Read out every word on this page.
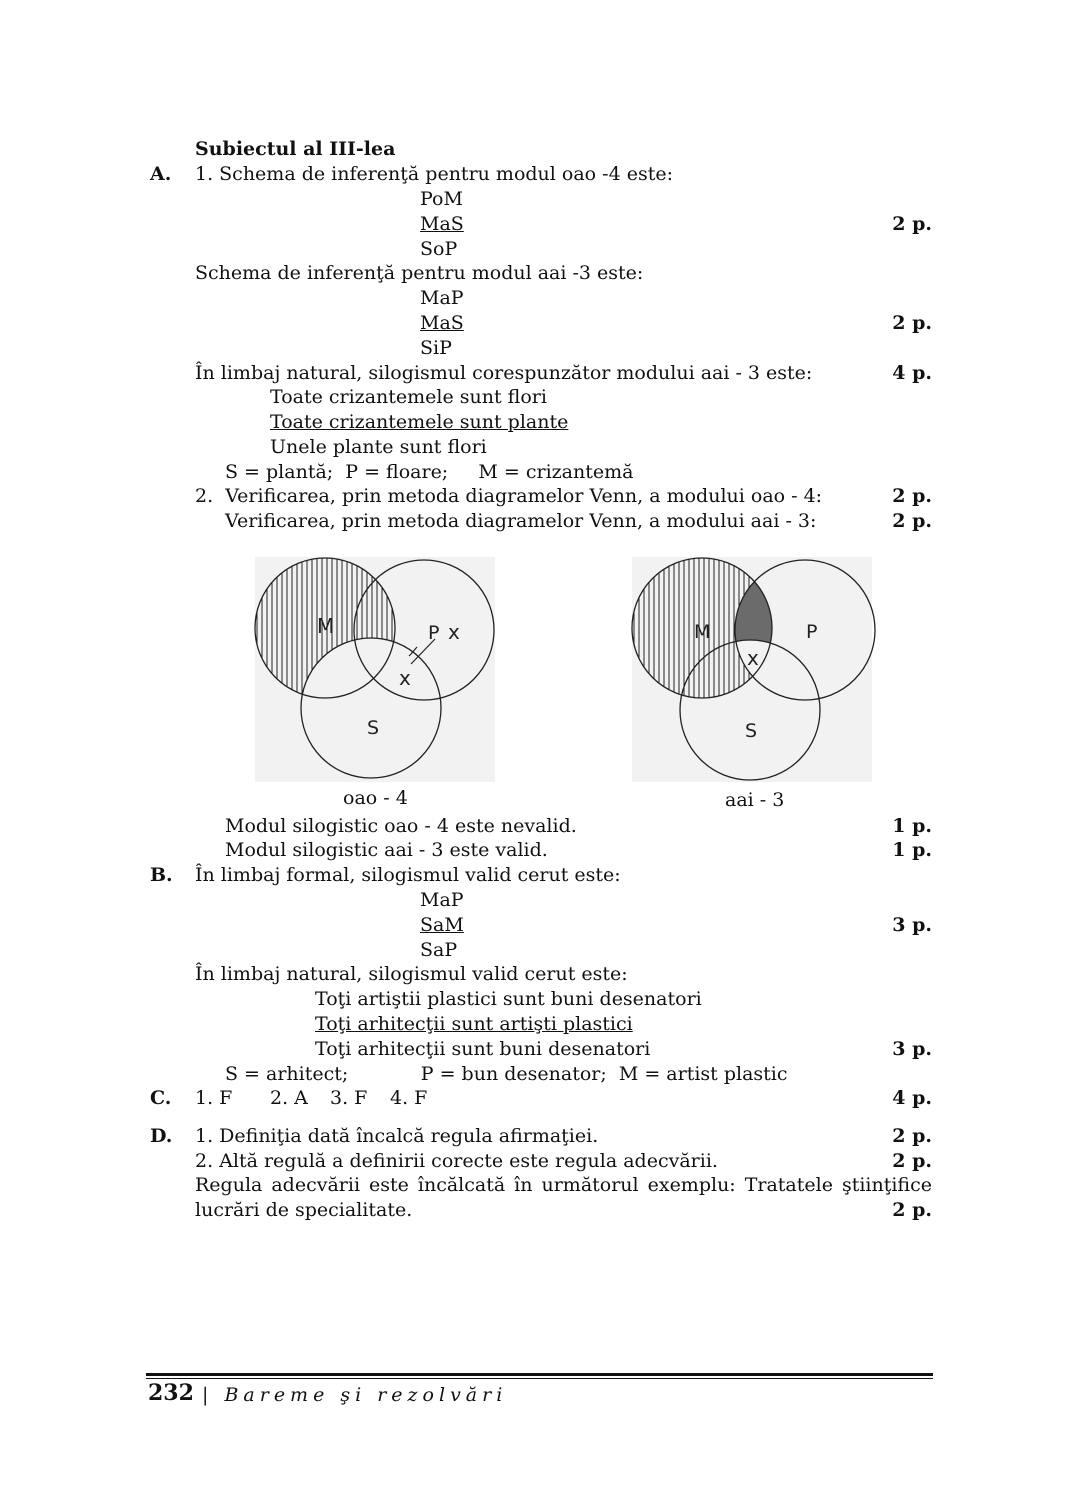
Subiectul al III-lea
A. 1. Schema de inferenţă pentru modul oao -4 este:
PoM
MaS	2 p.
SoP
Schema de inferenţă pentru modul aai -3 este:
MaP
MaS	2 p.
SiP
În limbaj natural, silogismul corespunzător modului aai - 3 este:	4 p.
Toate crizantemele sunt flori
Toate crizantemele sunt plante
Unele plante sunt flori
S = plantă;  P = floare;     M = crizantemă
2.  Verificarea, prin metoda diagramelor Venn, a modului oao - 4:	2 p.
Verificarea, prin metoda diagramelor Venn, a modului aai - 3:	2 p.
M	P x
x
S
oao - 4
M	P
x
S
aai - 3
Modul silogistic oao - 4 este nevalid.	1 p.
Modul silogistic aai - 3 este valid.	1 p.
B. În limbaj formal, silogismul valid cerut este:
MaP
SaM	3 p.
SaP
În limbaj natural, silogismul valid cerut este:
Toţi artiştii plastici sunt buni desenatori
Toţi arhitecţii sunt artişti plastici
Toţi arhitecţii sunt buni desenatori	3 p.
S = arhitect;            P = bun desenator;  M = artist plastic
C. 1. F 2. A 3. F 4. F	4 p.
D. 1. Definiţia dată încalcă regula afirmaţiei.	2 p.
2. Altă regulă a definirii corecte este regula adecvării.	2 p.
Regula adecvării este încălcată în următorul exemplu: Tratatele ştiinţifice
lucrări de specialitate.	2 p.
232 | Bareme şi rezolvări
